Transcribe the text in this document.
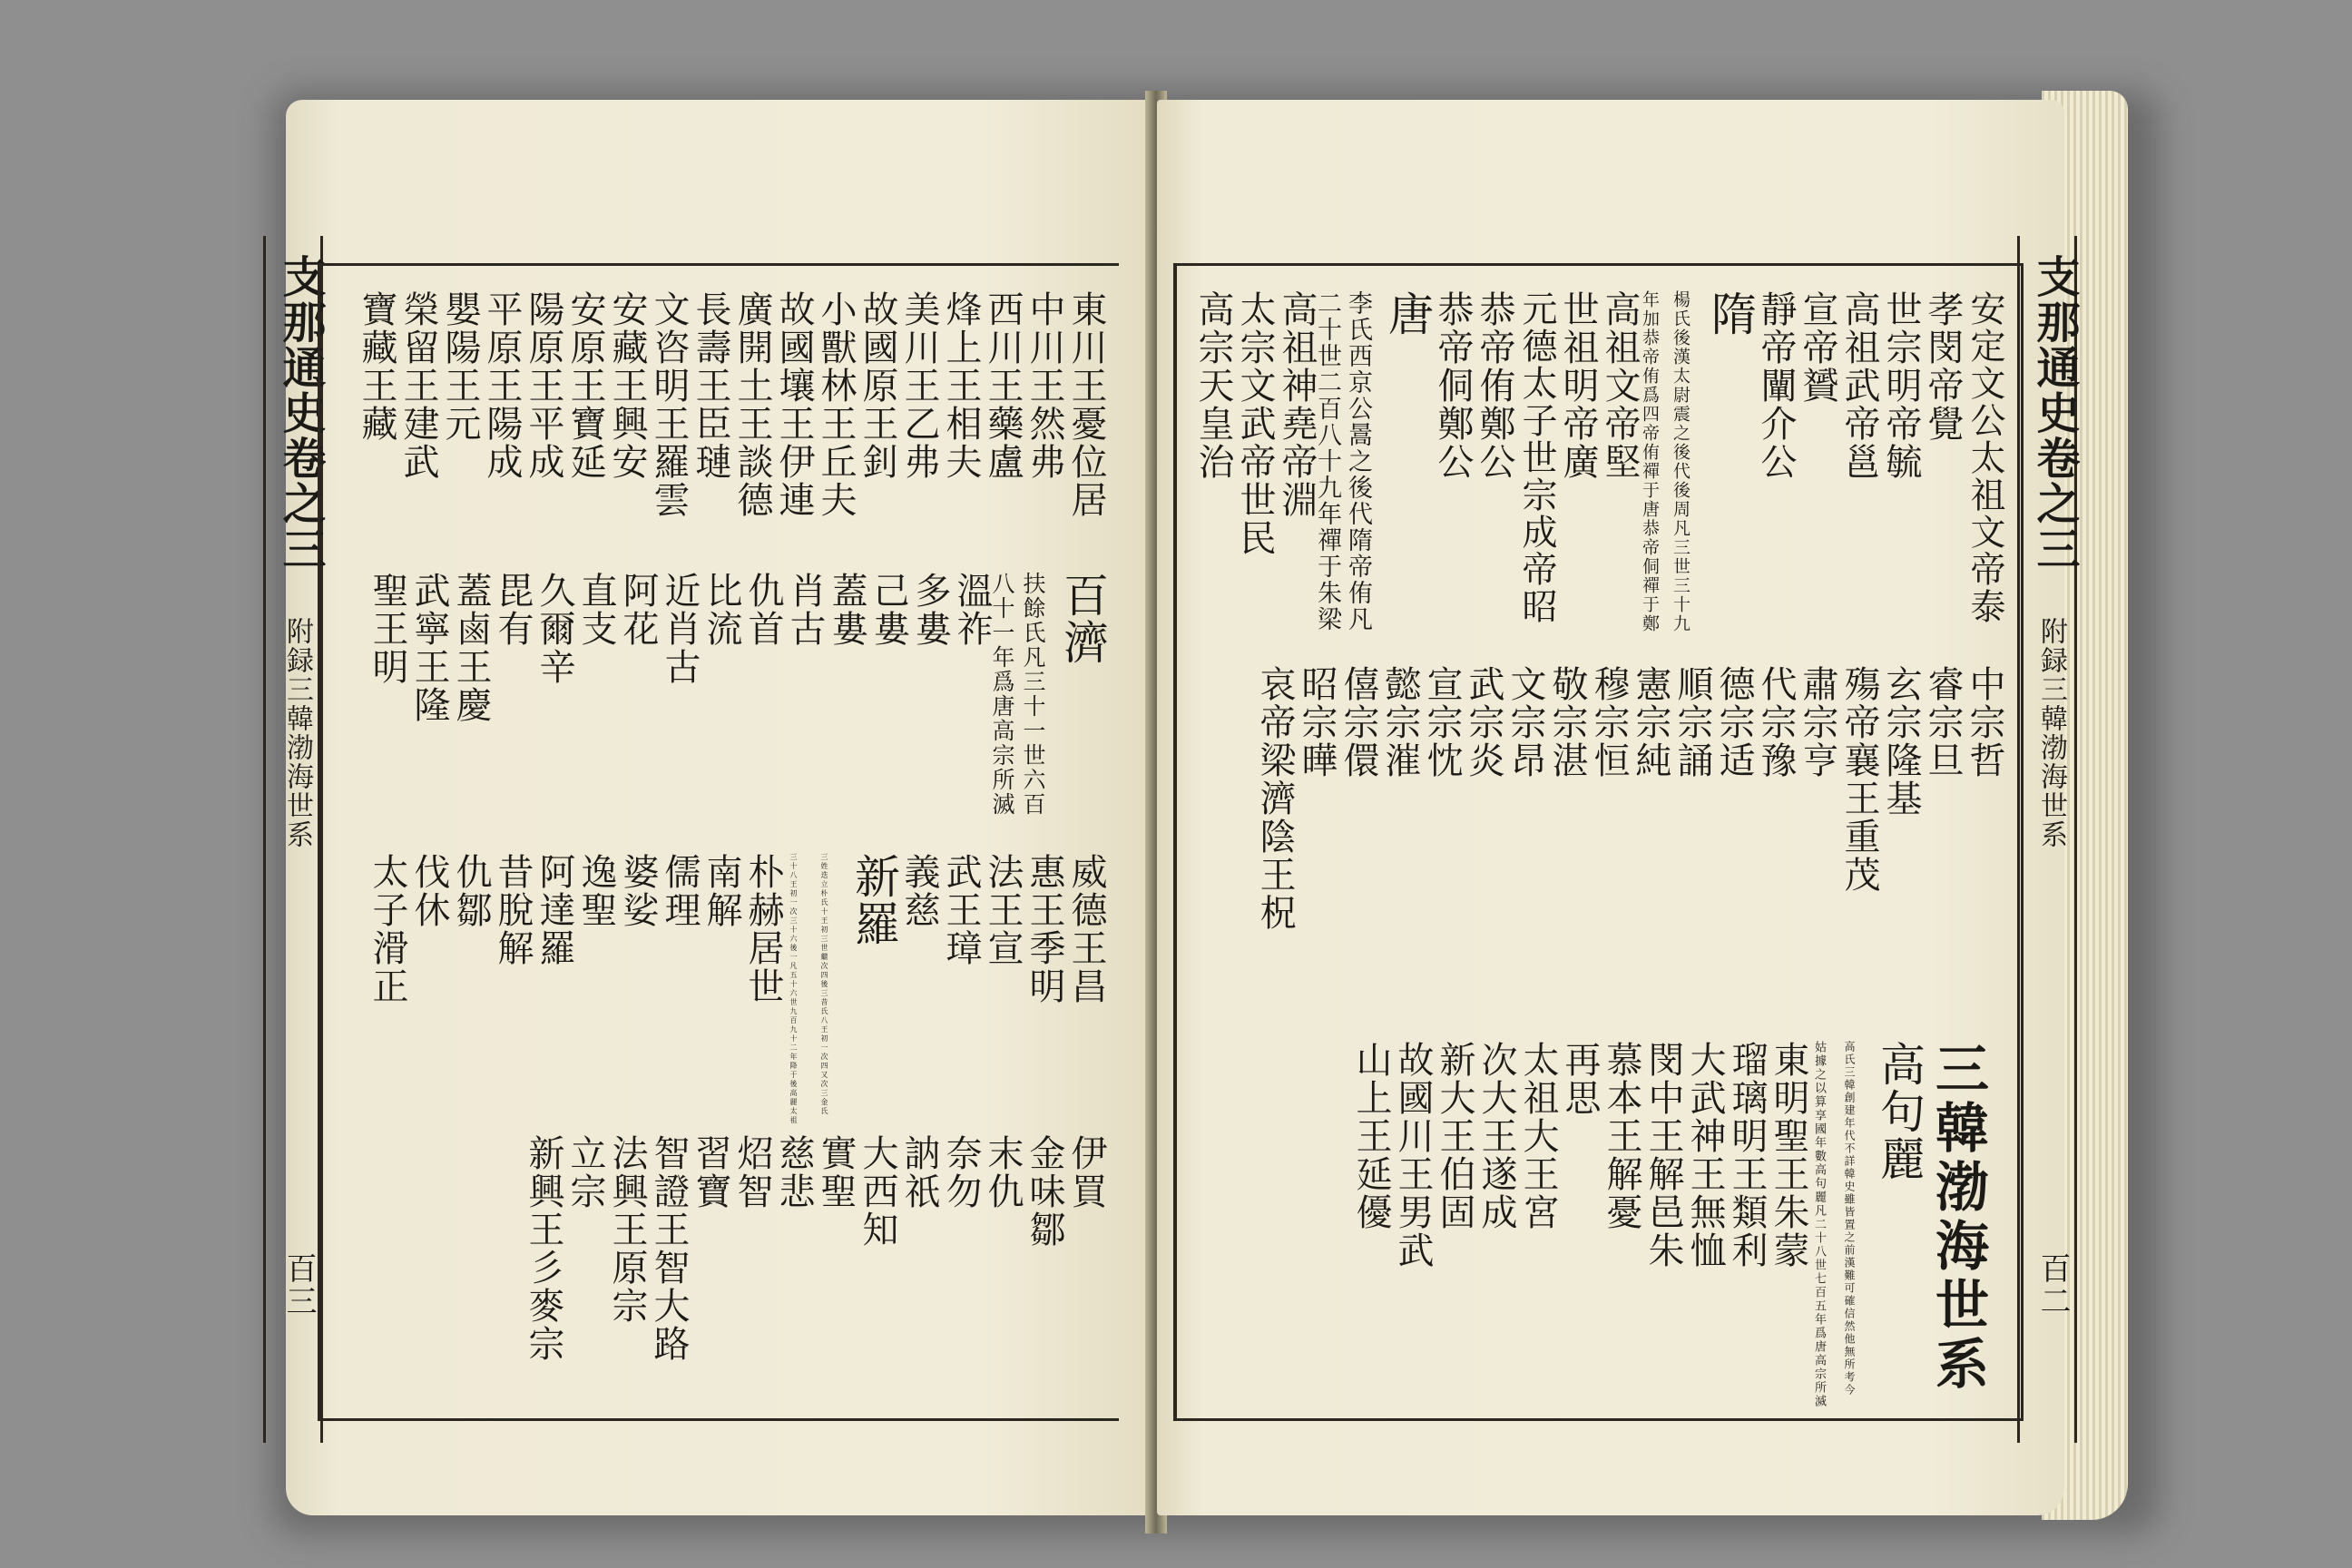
支那通史卷之三
附録三韓渤海世系
百三
東川王憂位居
中川王然弗
西川王藥盧
烽上王相夫
美川王乙弗
故國原王釗
小獸林王丘夫
故國壤王伊連
廣開土王談德
長壽王臣璉
文咨明王羅雲
安藏王興安
安原王寶延
陽原王平成
平原王陽成
嬰陽王元
榮留王建武
寶藏王藏
百濟
扶餘氏凡三十一世六百
八十一年爲唐高宗所滅
溫祚
多婁
己婁
蓋婁
肖古
仇首
比流
近肖古
阿花
直支
久爾辛
毘有
蓋鹵王慶
武寧王隆
聖王明
威德王昌
惠王季明
法王宣
武王璋
義慈
新羅
三姓迭立朴氏十王初三世繼次四後三昔氏八王初一次四又次三金氏
三十八王初一次三十六後一凡五十六世九百九十二年降于後高麗太祖
朴赫居世
南解
儒理
婆娑
逸聖
阿達羅
昔脫解
仇鄒
伐休
太子滑正
伊買
金味鄒
末仇
奈勿
訥祇
大西知
實聖
慈悲
炤智
習寶
智證王智大路
法興王原宗
立宗
新興王彡麥宗
支那通史卷之三
附録三韓渤海世系
百二
安定文公太祖文帝泰
孝閔帝覺
世宗明帝毓
高祖武帝邕
宣帝贇
靜帝闡介公
隋
楊氏後漢太尉震之後代後周凡三世三十九
年加恭帝侑爲四帝侑禪于唐恭帝侗禪于鄭
高祖文帝堅
世祖明帝廣
元德太子世宗成帝昭
恭帝侑鄭公
恭帝侗鄭公
唐
李氏西京公暠之後代隋帝侑凡
二十世二百八十九年禪于朱梁
高祖神堯帝淵
太宗文武帝世民
高宗天皇治
中宗哲
睿宗旦
玄宗隆基
殤帝襄王重茂
肅宗亨
代宗豫
德宗适
順宗誦
憲宗純
穆宗恒
敬宗湛
文宗昂
武宗炎
宣宗忱
懿宗漼
僖宗儇
昭宗曄
哀帝梁濟陰王柷
三韓渤海世系
高句麗
高氏三韓創建年代不詳韓史雖皆置之前漢難可確信然他無所考今
姑據之以算享國年數高句麗凡二十八世七百五年爲唐高宗所滅
東明聖王朱蒙
瑠璃明王類利
大武神王無恤
閔中王解邑朱
慕本王解憂
再思
太祖大王宮
次大王遂成
新大王伯固
故國川王男武
山上王延優
